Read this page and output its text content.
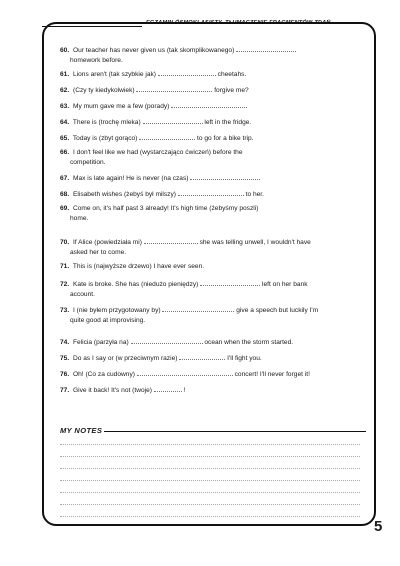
EGZAMIN ÓSMOKLASISTY. TŁUMACZENIE FRAGMENTÓW ZDAŃ
60. Our teacher has never given us (tak skomplikowanego)
homework before.
61. Lions aren't (tak szybkie jak)	cheetahs.
62. (Czy ty kiedykolwiek)	forgive me?
63. My mum gave me a few (porady)
64. There is (trochę mleka)	left in the fridge.
65. Today is (zbyt gorąco)	to go for a bike trip.
66. I don't feel like we had (wystarczająco ćwiczeń) before the
competition.
67. Max is late again! He is never (na czas)
68. Elisabeth wishes (żebyś był milszy)	to her.
69. Come on, it's half past 3 already! It's high time (żebyśmy poszli)
home.
70. If Alice (powiedziała mi)	she was telling unwell, I wouldn't have
asked her to come.
71. This is (najwyższe drzewo) I have ever seen.
72. Kate is broke. She has (niedużo pieniędzy)	left on her bank
account.
73. I (nie byłem przygotowany by)	give a speech but luckily I'm
quite good at improvising.
74. Felicia (parzyła na)	ocean when the storm started.
75. Do as I say or (w przeciwnym razie)	I'll fight you.
76. Oh! (Co za cudowny)	concert! I'll never forget it!
77. Give it back! It's not (twoje)	!
MY NOTES
5
